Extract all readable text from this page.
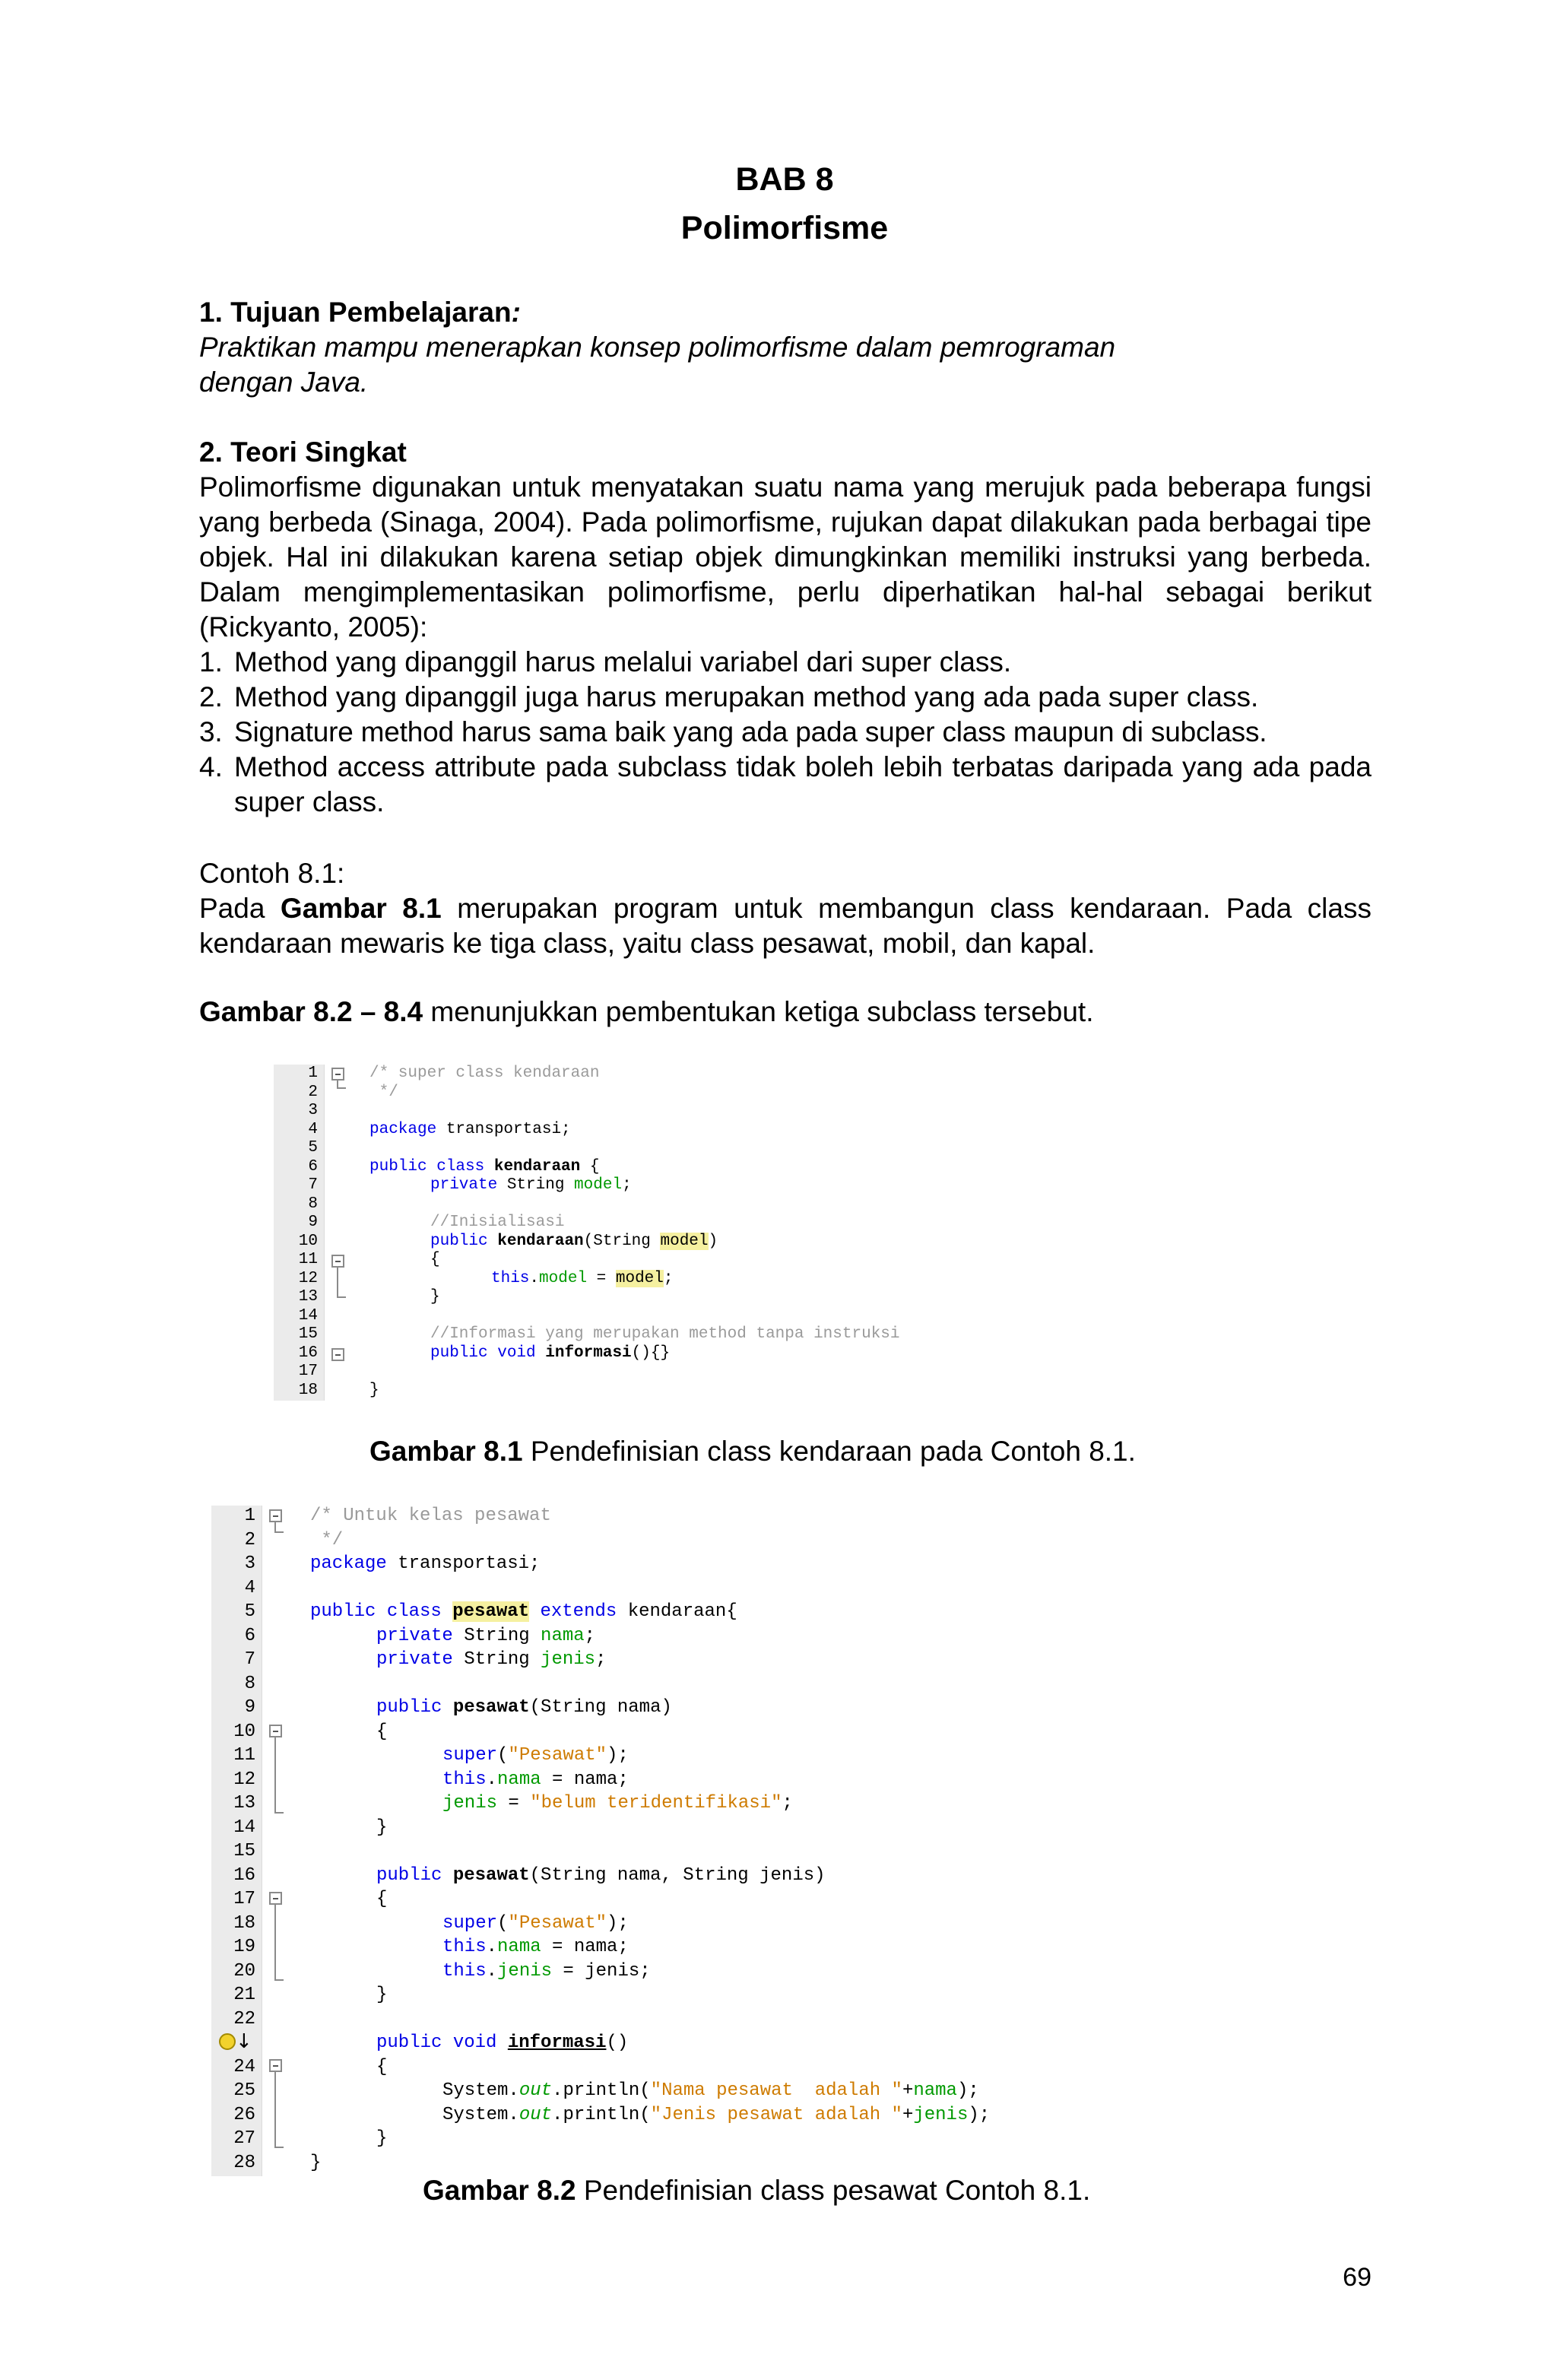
BAB 8
Polimorfisme
1. Tujuan Pembelajaran:
Praktikan mampu menerapkan konsep polimorfisme dalam pemrograman
dengan Java.
2. Teori Singkat
Polimorfisme digunakan untuk menyatakan suatu nama yang merujuk pada beberapa fungsi yang berbeda (Sinaga, 2004). Pada polimorfisme, rujukan dapat dilakukan pada berbagai tipe objek. Hal ini dilakukan karena setiap objek dimungkinkan memiliki instruksi yang berbeda. Dalam mengimplementasikan polimorfisme, perlu diperhatikan hal-hal sebagai berikut (Rickyanto, 2005):
1. Method yang dipanggil harus melalui variabel dari super class.
2. Method yang dipanggil juga harus merupakan method yang ada pada super class.
3. Signature method harus sama baik yang ada pada super class maupun di subclass.
4. Method access attribute pada subclass tidak boleh lebih terbatas daripada yang ada pada super class.
Contoh 8.1:
Pada Gambar 8.1 merupakan program untuk membangun class kendaraan. Pada class kendaraan mewaris ke tiga class, yaitu class pesawat, mobil, dan kapal.
Gambar 8.2 – 8.4 menunjukkan pembentukan ketiga subclass tersebut.
1
2
3
4
5
6
7
8
9
10
11
12
13
14
15
16
17
18
/* super class kendaraan
*/
package transportasi;
public class kendaraan {
private String model;
//Inisialisasi
public kendaraan(String model)
{
this.model = model;
}
//Informasi yang merupakan method tanpa instruksi
public void informasi(){}
}
Gambar 8.1 Pendefinisian class kendaraan pada Contoh 8.1.
1
2
3
4
5
6
7
8
9
10
11
12
13
14
15
16
17
18
19
20
21
22
24
25
26
27
28
↓
/* Untuk kelas pesawat
*/
package transportasi;
public class pesawat extends kendaraan{
private String nama;
private String jenis;
public pesawat(String nama)
{
super("Pesawat");
this.nama = nama;
jenis = "belum teridentifikasi";
}
public pesawat(String nama, String jenis)
{
super("Pesawat");
this.nama = nama;
this.jenis = jenis;
}
public void informasi()
{
System.out.println("Nama pesawat  adalah "+nama);
System.out.println("Jenis pesawat adalah "+jenis);
}
}
Gambar 8.2 Pendefinisian class pesawat Contoh 8.1.
69
